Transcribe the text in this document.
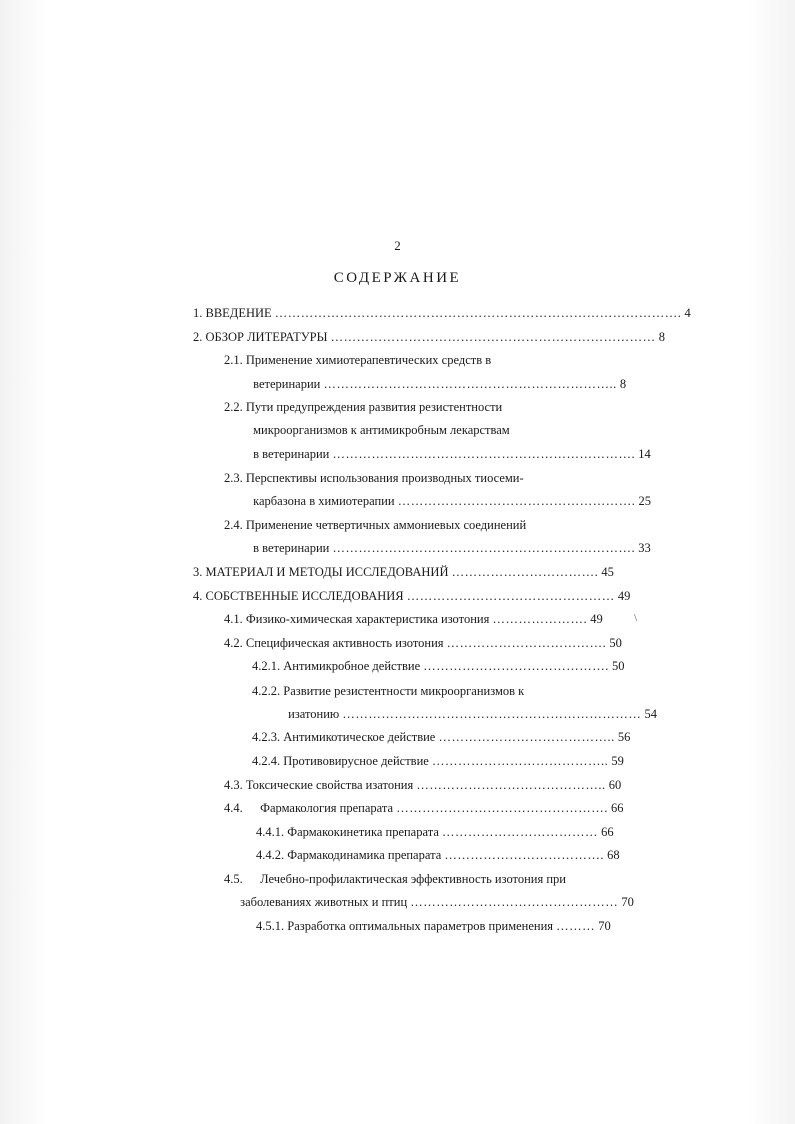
2
СОДЕРЖАНИЕ
\
1. ВВЕДЕНИЕ …………………………………………………………………………………. 4
2. ОБЗОР ЛИТЕРАТУРЫ ………………………………………………………………… 8
2.1. Применение химиотерапевтических средств в
ветеринарии ………………………………………………………….. 8
2.2. Пути предупреждения развития резистентности
микроорганизмов к антимикробным лекарствам
в ветеринарии ……………………………………………………………. 14
2.3. Перспективы использования производных тиосеми-
карбазона в химиотерапии ………………………………………………. 25
2.4. Применение четвертичных аммониевых соединений
в ветеринарии ……………………………………………………………. 33
3. МАТЕРИАЛ И МЕТОДЫ ИССЛЕДОВАНИЙ ……………………………. 45
4. СОБСТВЕННЫЕ ИССЛЕДОВАНИЯ ………………………………………… 49
4.1. Физико-химическая характеристика изотония …………………. 49
4.2. Специфическая активность изотония ………………………………. 50
4.2.1. Антимикробное действие ……………………………………. 50
4.2.2. Развитие резистентности микроорганизмов к
изатонию …………………………………………………………… 54
4.2.3. Антимикотическое действие ………………………………….. 56
4.2.4. Противовирусное действие ………………………………….. 59
4.3. Токсические свойства изатония …………………………………….. 60
4.4. Фармакология препарата …………………………………………. 66
4.4.1. Фармакокинетика препарата ……………………………… 66
4.4.2. Фармакодинамика препарата ………………………………. 68
4.5. Лечебно-профилактическая эффективность изотония при
заболеваниях животных и птиц ………………………………………… 70
4.5.1. Разработка оптимальных параметров применения ……… 70
